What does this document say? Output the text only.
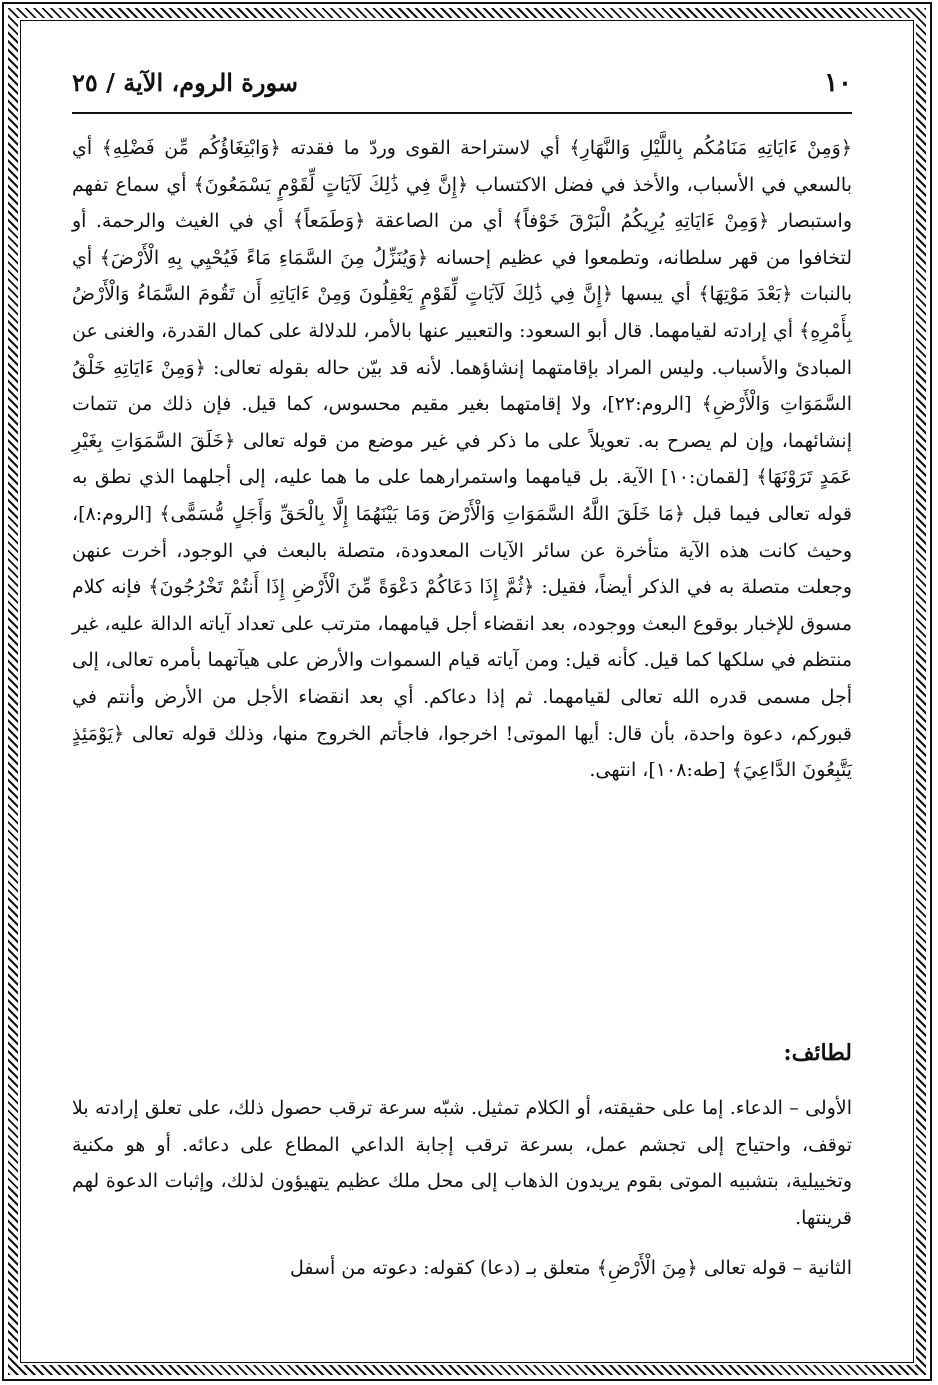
١٠
سورة الروم، الآية / ٢٥

﴿وَمِنْ ءَايَاتِهِ مَنَامُكُم بِاللَّيْلِ وَالنَّهَارِ﴾ أي لاستراحة القوى وردّ ما فقدته ﴿وَابْتِغَاؤُكُم مِّن فَضْلِهِ﴾ أي بالسعي في الأسباب، والأخذ في فضل الاكتساب ﴿إِنَّ فِي ذَٰلِكَ لَآيَاتٍ لِّقَوْمٍ يَسْمَعُونَ﴾ أي سماع تفهم واستبصار ﴿وَمِنْ ءَايَاتِهِ يُرِيكُمُ الْبَرْقَ خَوْفاً﴾ أي من الصاعقة ﴿وَطَمَعاً﴾ أي في الغيث والرحمة. أو لتخافوا من قهر سلطانه، وتطمعوا في عظيم إحسانه ﴿وَيُنَزِّلُ مِنَ السَّمَاءِ مَاءً فَيُحْيِي بِهِ الْأَرْضَ﴾ أي بالنبات ﴿بَعْدَ مَوْتِهَا﴾ أي يبسها ﴿إِنَّ فِي ذَٰلِكَ لَآيَاتٍ لِّقَوْمٍ يَعْقِلُونَ وَمِنْ ءَايَاتِهِ أَن تَقُومَ السَّمَاءُ وَالْأَرْضُ بِأَمْرِهِ﴾ أي إرادته لقيامهما. قال أبو السعود: والتعبير عنها بالأمر، للدلالة على كمال القدرة، والغنى عن المبادئ والأسباب. وليس المراد بإقامتهما إنشاؤهما. لأنه قد بيّن حاله بقوله تعالى: ﴿وَمِنْ ءَايَاتِهِ خَلْقُ السَّمَوَاتِ وَالْأَرْضِ﴾ [الروم:٢٢]، ولا إقامتهما بغير مقيم محسوس، كما قيل. فإن ذلك من تتمات إنشائهما، وإن لم يصرح به. تعويلاً على ما ذكر في غير موضع من قوله تعالى ﴿خَلَقَ السَّمَوَاتِ بِغَيْرِ عَمَدٍ تَرَوْنَهَا﴾ [لقمان:١٠] الآية. بل قيامهما واستمرارهما على ما هما عليه، إلى أجلهما الذي نطق به قوله تعالى فيما قبل ﴿مَا خَلَقَ اللَّهُ السَّمَوَاتِ وَالْأَرْضَ وَمَا بَيْنَهُمَا إِلَّا بِالْحَقِّ وَأَجَلٍ مُّسَمًّى﴾ [الروم:٨]، وحيث كانت هذه الآية متأخرة عن سائر الآيات المعدودة، متصلة بالبعث في الوجود، أخرت عنهن وجعلت متصلة به في الذكر أيضاً، فقيل: ﴿ثُمَّ إِذَا دَعَاكُمْ دَعْوَةً مِّنَ الْأَرْضِ إِذَا أَنتُمْ تَخْرُجُونَ﴾ فإنه كلام مسوق للإخبار بوقوع البعث ووجوده، بعد انقضاء أجل قيامهما، مترتب على تعداد آياته الدالة عليه، غير منتظم في سلكها كما قيل. كأنه قيل: ومن آياته قيام السموات والأرض على هيآتهما بأمره تعالى، إلى أجل مسمى قدره الله تعالى لقيامهما. ثم إذا دعاكم. أي بعد انقضاء الأجل من الأرض وأنتم في قبوركم، دعوة واحدة، بأن قال: أيها الموتى! اخرجوا، فاجأتم الخروج منها، وذلك قوله تعالى ﴿يَوْمَئِذٍ يَتَّبِعُونَ الدَّاعِيَ﴾ [طه:١٠٨]، انتهى.

لطائف:

الأولى – الدعاء. إما على حقيقته، أو الكلام تمثيل. شبّه سرعة ترقب حصول ذلك، على تعلق إرادته بلا توقف، واحتياج إلى تجشم عمل، بسرعة ترقب إجابة الداعي المطاع على دعائه. أو هو مكنية وتخييلية، بتشبيه الموتى بقوم يريدون الذهاب إلى محل ملك عظيم يتهيؤون لذلك، وإثبات الدعوة لهم قرينتها.

الثانية – قوله تعالى ﴿مِنَ الْأَرْضِ﴾ متعلق بـ (دعا) كقوله: دعوته من أسفل
